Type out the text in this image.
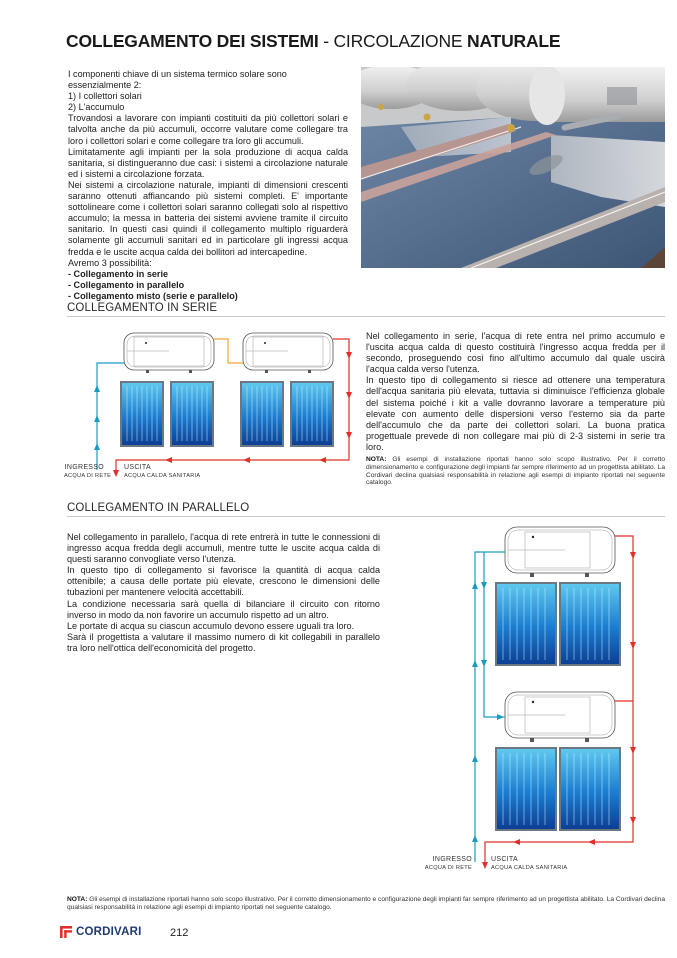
COLLEGAMENTO DEI SISTEMI - CIRCOLAZIONE NATURALE

I componenti chiave di un sistema termico solare sono essenzialmente 2:

1) I collettori solari

2) L'accumulo

Trovandosi a lavorare con impianti costituiti da più collettori solari e talvolta anche da più accumuli, occorre valutare come collegare tra loro i collettori solari e come collegare tra loro gli accumuli.

Limitatamente agli impianti per la sola produzione di acqua calda sanitaria, si distingueranno due casi: i sistemi a circolazione naturale ed i sistemi a circolazione forzata.

Nei sistemi a circolazione naturale, impianti di dimensioni crescenti saranno ottenuti affiancando più sistemi completi. E' importante sottolineare come i collettori solari saranno collegati solo al rispettivo accumulo; la messa in batteria dei sistemi avviene tramite il circuito sanitario. In questi casi quindi il collegamento multiplo riguarderà solamente gli accumuli sanitari ed in particolare gli ingressi acqua fredda e le uscite acqua calda dei bollitori ad intercapedine.

Avremo 3 possibilità:

- Collegamento in serie

- Collegamento in parallelo

- Collegamento misto (serie e parallelo)

COLLEGAMENTO IN SERIE
INGRESSO
ACQUA DI RETE
USCITA
ACQUA CALDA SANITARIA

Nel collegamento in serie, l'acqua di rete entra nel primo accumulo e l'uscita acqua calda di questo costituirà l'ingresso acqua fredda per il secondo, proseguendo così fino all'ultimo accumulo dal quale uscirà l'acqua calda verso l'utenza.

In questo tipo di collegamento si riesce ad ottenere una temperatura dell'acqua sanitaria più elevata, tuttavia si diminuisce l'efficienza globale del sistema poiché i kit a valle dovranno lavorare a temperature più elevate con aumento delle dispersioni verso l'esterno sia da parte dell'accumulo che da parte dei collettori solari. La buona pratica progettuale prevede di non collegare mai più di 2-3 sistemi in serie tra loro.

NOTA: Gli esempi di installazione riportati hanno solo scopo illustrativo. Per il corretto dimensionamento e configurazione degli impianti far sempre riferimento ad un progettista abilitato. La Cordivari declina qualsiasi responsabilità in relazione agli esempi di impianto riportati nel seguente catalogo.
COLLEGAMENTO IN PARALLELO

Nel collegamento in parallelo, l'acqua di rete entrerà in tutte le connessioni di ingresso acqua fredda degli accumuli, mentre tutte le uscite acqua calda di questi saranno convogliate verso l'utenza.

In questo tipo di collegamento si favorisce la quantità di acqua calda ottenibile; a causa delle portate più elevate, crescono le dimensioni delle tubazioni per mantenere velocità accettabili.

La condizione necessaria sarà quella di bilanciare il circuito con ritorno inverso in modo da non favorire un accumulo rispetto ad un altro.

Le portate di acqua su ciascun accumulo devono essere uguali tra loro.

Sarà il progettista a valutare il massimo numero di kit collegabili in parallelo tra loro nell'ottica dell'economicità del progetto.

INGRESSO
ACQUA DI RETE
USCITA
ACQUA CALDA SANITARIA
NOTA: Gli esempi di installazione riportati hanno solo scopo illustrativo. Per il corretto dimensionamento e configurazione degli impianti far sempre riferimento ad un progettista abilitato. La Cordivari declina qualsiasi responsabilità in relazione agli esempi di impianto riportati nel seguente catalogo.
CORDIVARI	212
